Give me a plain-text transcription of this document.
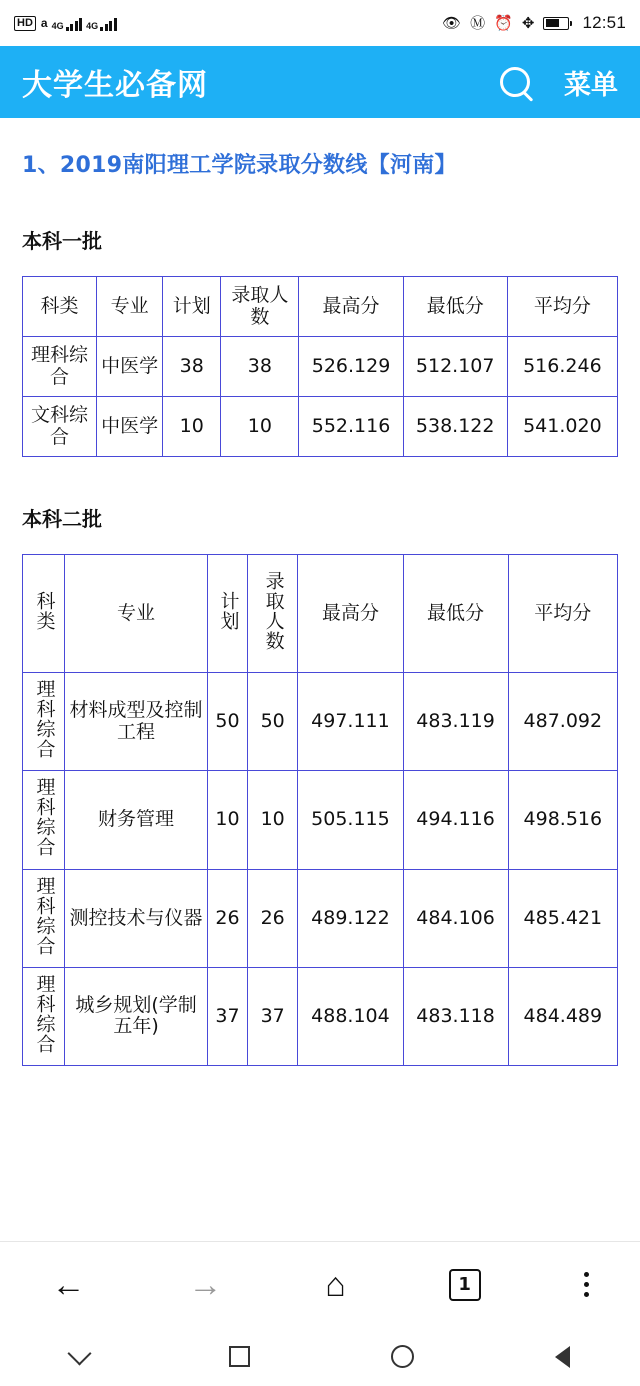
HD a 4G	4G	👁 Ⓜ ⏰ ✥	12:51
大学生必备网	菜单
1、2019南阳理工学院录取分数线【河南】
本科一批
科类	专业	计划	录取人数	最高分	最低分	平均分
理科综合	中医学	38	38	526.129	512.107	516.246
文科综合	中医学	10	10	552.116	538.122	541.020
本科二批
科类	专业	计划	录取人数	最高分	最低分	平均分
理科综合	材料成型及控制工程	50	50	497.111	483.119	487.092
理科综合	财务管理	10	10	505.115	494.116	498.516
理科综合	测控技术与仪器	26	26	489.122	484.106	485.421
理科综合	城乡规划(学制五年)	37	37	488.104	483.118	484.489
←	→	⌂	1
